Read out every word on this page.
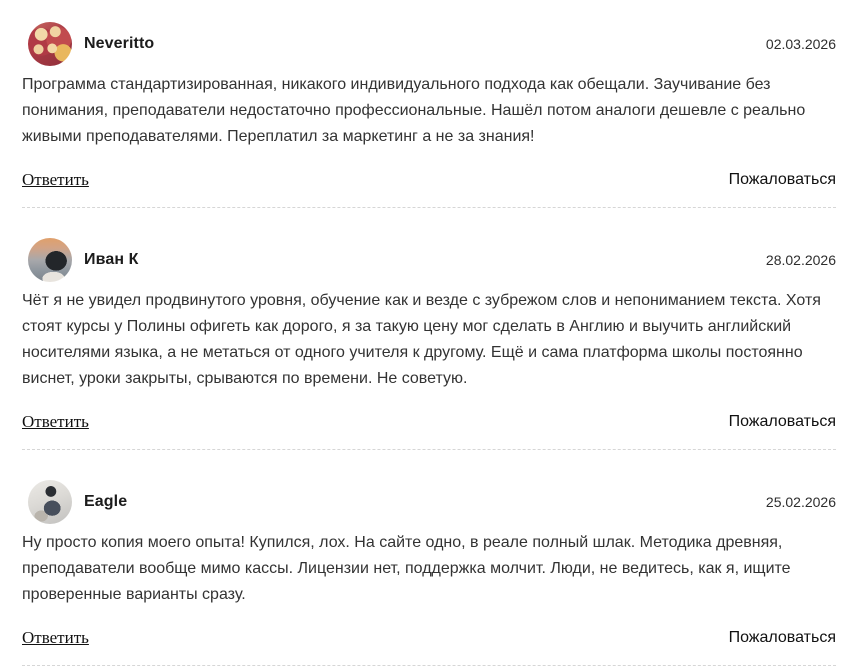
Neveritto	02.03.2026
Программа стандартизированная, никакого индивидуального подхода как обещали. Заучивание без понимания, преподаватели недостаточно профессиональные. Нашёл потом аналоги дешевле с реально живыми преподавателями. Переплатил за маркетинг а не за знания!
Ответить	Пожаловаться
Иван К	28.02.2026
Чёт я не увидел продвинутого уровня, обучение как и везде с зубрежом слов и непониманием текста. Хотя стоят курсы у Полины офигеть как дорого, я за такую цену мог сделать в Англию и выучить английский носителями языка, а не метаться от одного учителя к другому. Ещё и сама платформа школы постоянно виснет, уроки закрыты, срываются по времени. Не советую.
Ответить	Пожаловаться
Eagle	25.02.2026
Ну просто копия моего опыта! Купился, лох. На сайте одно, в реале полный шлак. Методика древняя, преподаватели вообще мимо кассы. Лицензии нет, поддержка молчит. Люди, не ведитесь, как я, ищите проверенные варианты сразу.
Ответить	Пожаловаться
